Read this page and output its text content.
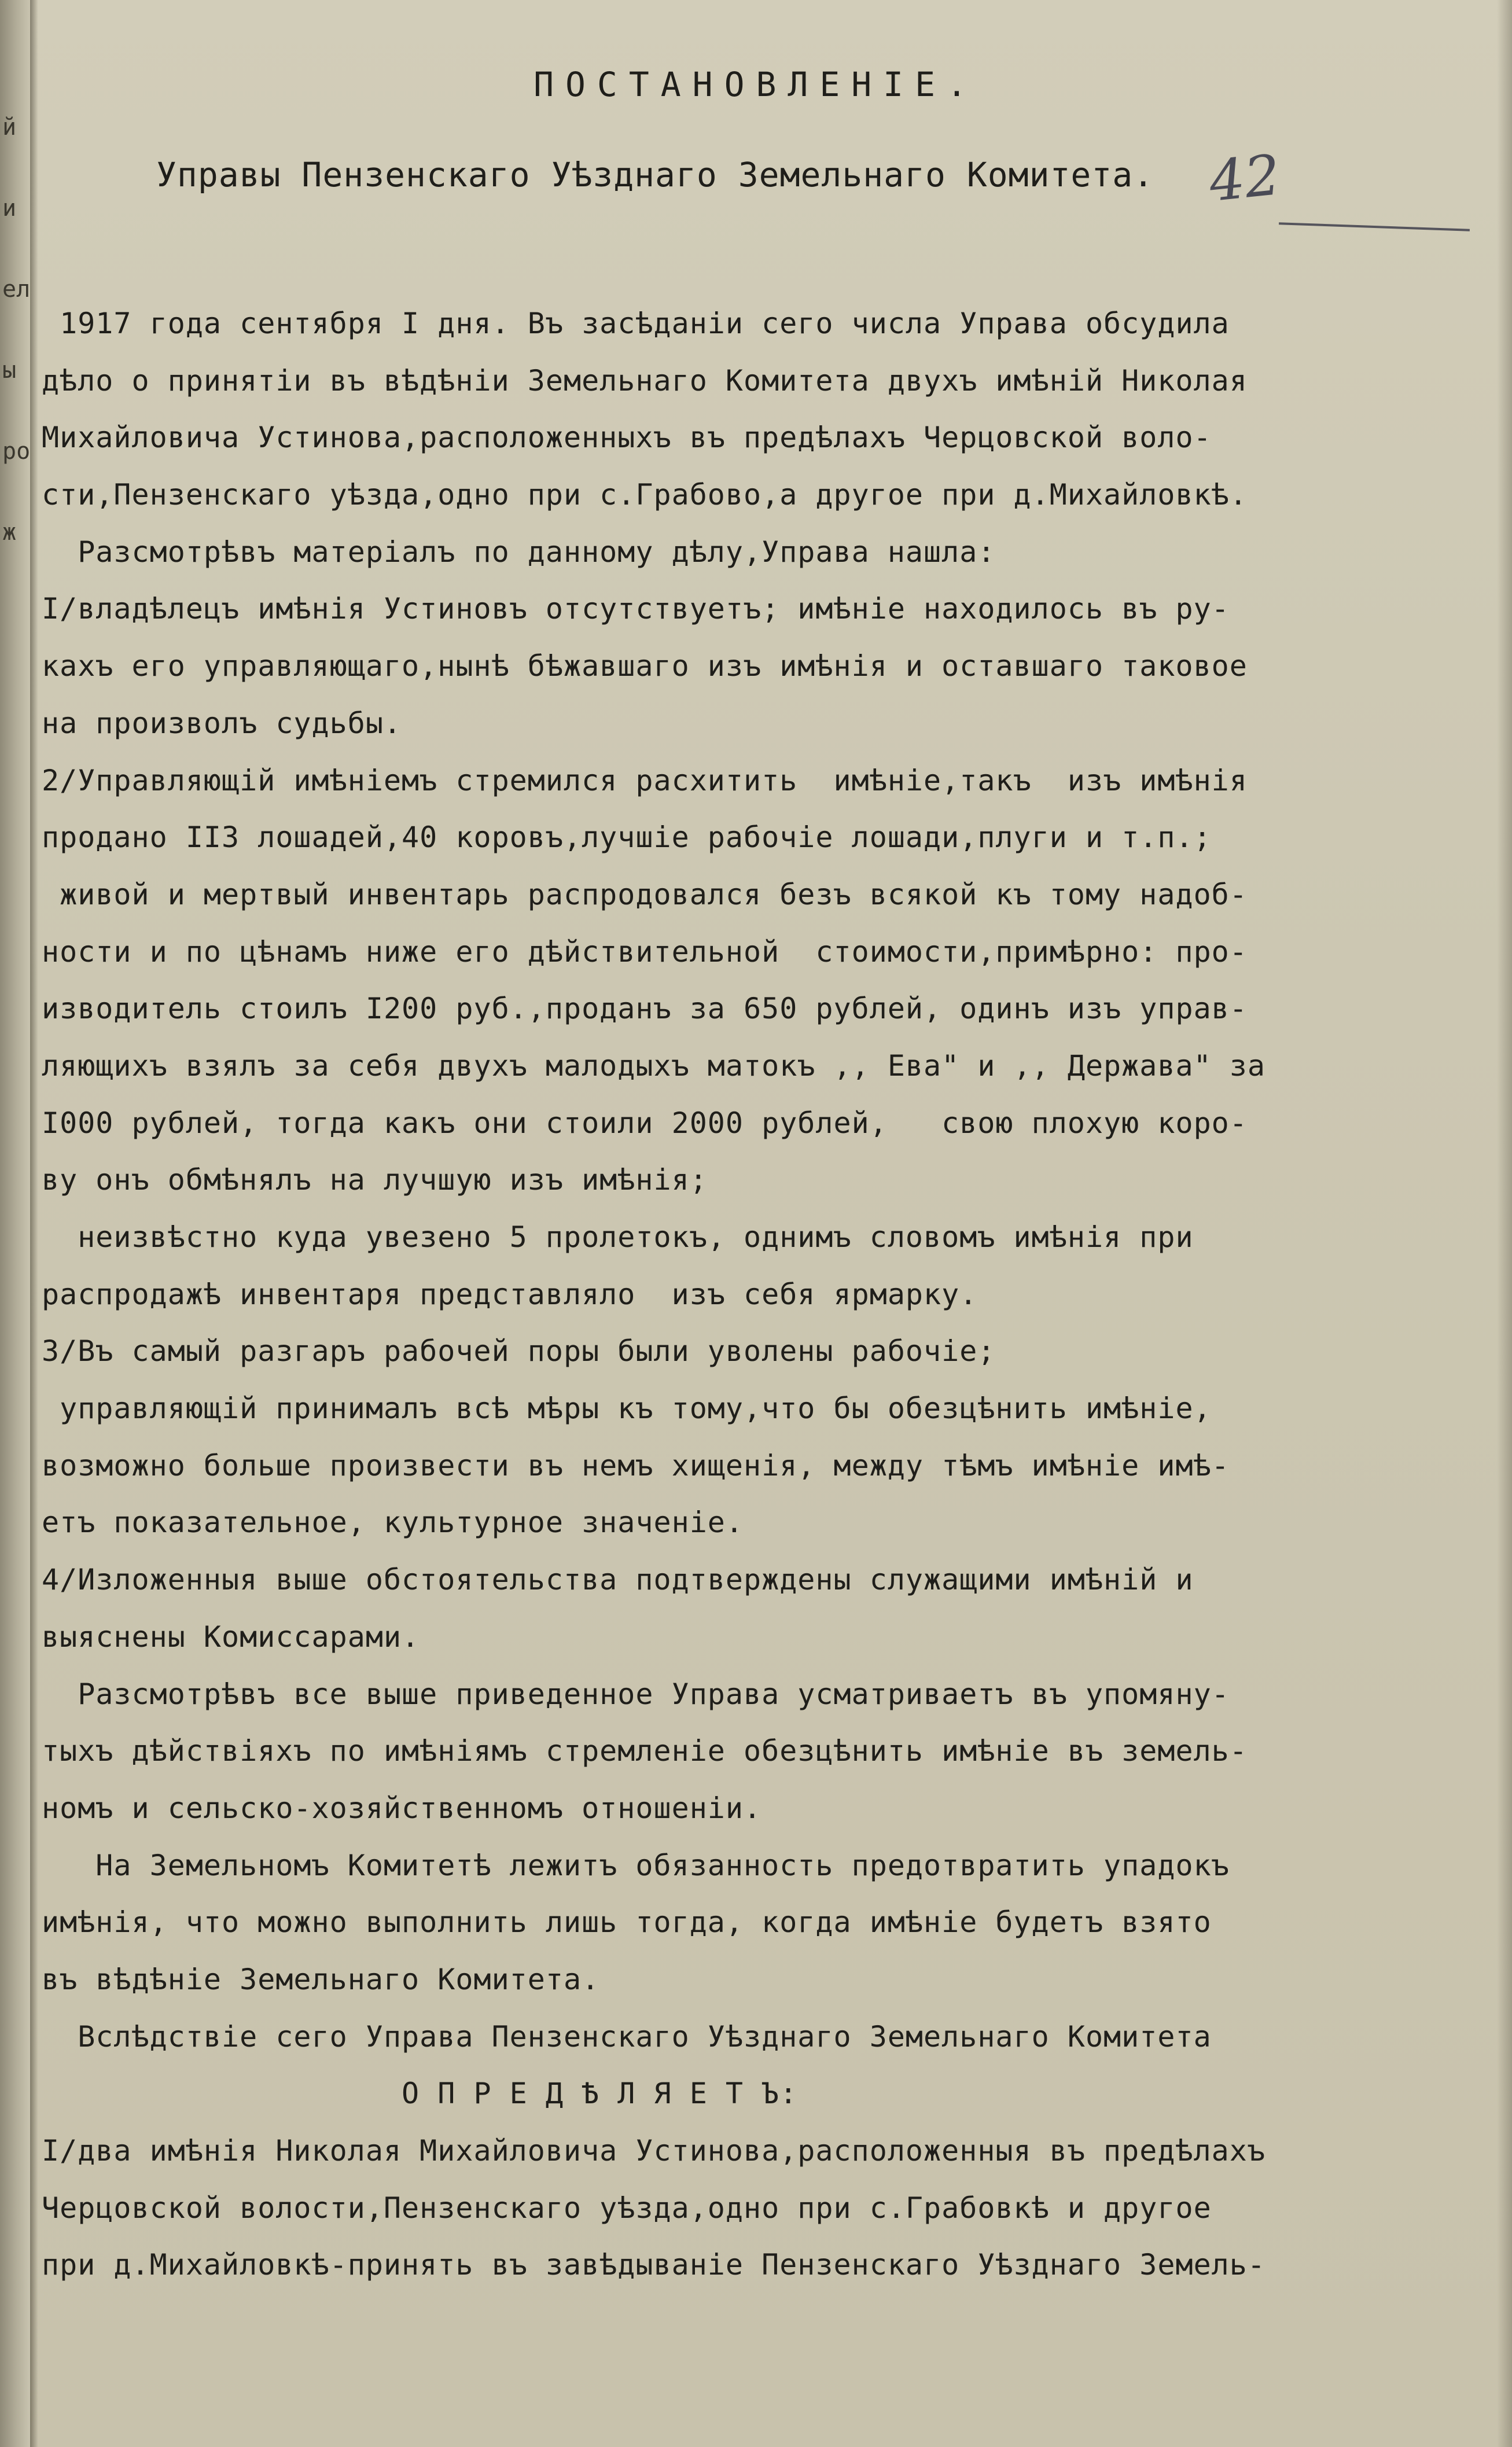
й
и
ел
ы
ро
ж
ПОСТАНОВЛЕНIЕ.
Управы Пензенскаго Уѣзднаго Земельнаго Комитета. 42
1917 года сентября I дня. Въ засѣданiи сего числа Управа обсудила
дѣло о принятiи въ вѣдѣнiи Земельнаго Комитета двухъ имѣнiй Николая
Михайловича Устинова,расположенныхъ въ предѣлахъ Черцовской воло-
сти,Пензенскаго уѣзда,одно при с.Грабово,а другое при д.Михайловкѣ.
Разсмотрѣвъ матерiалъ по данному дѣлу,Управа нашла:
I/владѣлецъ имѣнiя Устиновъ отсутствуетъ; имѣнiе находилось въ ру-
кахъ его управляющаго,нынѣ бѣжавшаго изъ имѣнiя и оставшаго таковое
на произволъ судьбы.
2/Управляющiй имѣнiемъ стремился расхитить  имѣнiе,такъ  изъ имѣнiя
продано II3 лошадей,40 коровъ,лучшiе рабочiе лошади,плуги и т.п.;
живой и мертвый инвентарь распродовался безъ всякой къ тому надоб-
ности и по цѣнамъ ниже его дѣйствительной  стоимости,примѣрно: про-
изводитель стоилъ I200 руб.,проданъ за 650 рублей, одинъ изъ управ-
ляющихъ взялъ за себя двухъ малодыхъ матокъ ,, Ева" и ,, Держава" за
I000 рублей, тогда какъ они стоили 2000 рублей,   свою плохую коро-
ву онъ обмѣнялъ на лучшую изъ имѣнiя;
неизвѣстно куда увезено 5 пролетокъ, однимъ словомъ имѣнiя при
распродажѣ инвентаря представляло  изъ себя ярмарку.
3/Въ самый разгаръ рабочей поры были уволены рабочiе;
управляющiй принималъ всѣ мѣры къ тому,что бы обезцѣнить имѣнiе,
возможно больше произвести въ немъ хищенiя, между тѣмъ имѣнiе имѣ-
етъ показательное, культурное значенiе.
4/Изложенныя выше обстоятельства подтверждены служащими имѣнiй и
выяснены Комиссарами.
Разсмотрѣвъ все выше приведенное Управа усматриваетъ въ упомяну-
тыхъ дѣйствiяхъ по имѣнiямъ стремленiе обезцѣнить имѣнiе въ земель-
номъ и сельско-хозяйственномъ отношенiи.
На Земельномъ Комитетѣ лежитъ обязанность предотвратить упадокъ
имѣнiя, что можно выполнить лишь тогда, когда имѣнiе будетъ взято
въ вѣдѣнiе Земельнаго Комитета.
Вслѣдствiе сего Управа Пензенскаго Уѣзднаго Земельнаго Комитета
О П Р Е Д Ѣ Л Я Е Т Ъ:
I/два имѣнiя Николая Михайловича Устинова,расположенныя въ предѣлахъ
Черцовской волости,Пензенскаго уѣзда,одно при с.Грабовкѣ и другое
при д.Михайловкѣ-принять въ завѣдыванiе Пензенскаго Уѣзднаго Земель-
